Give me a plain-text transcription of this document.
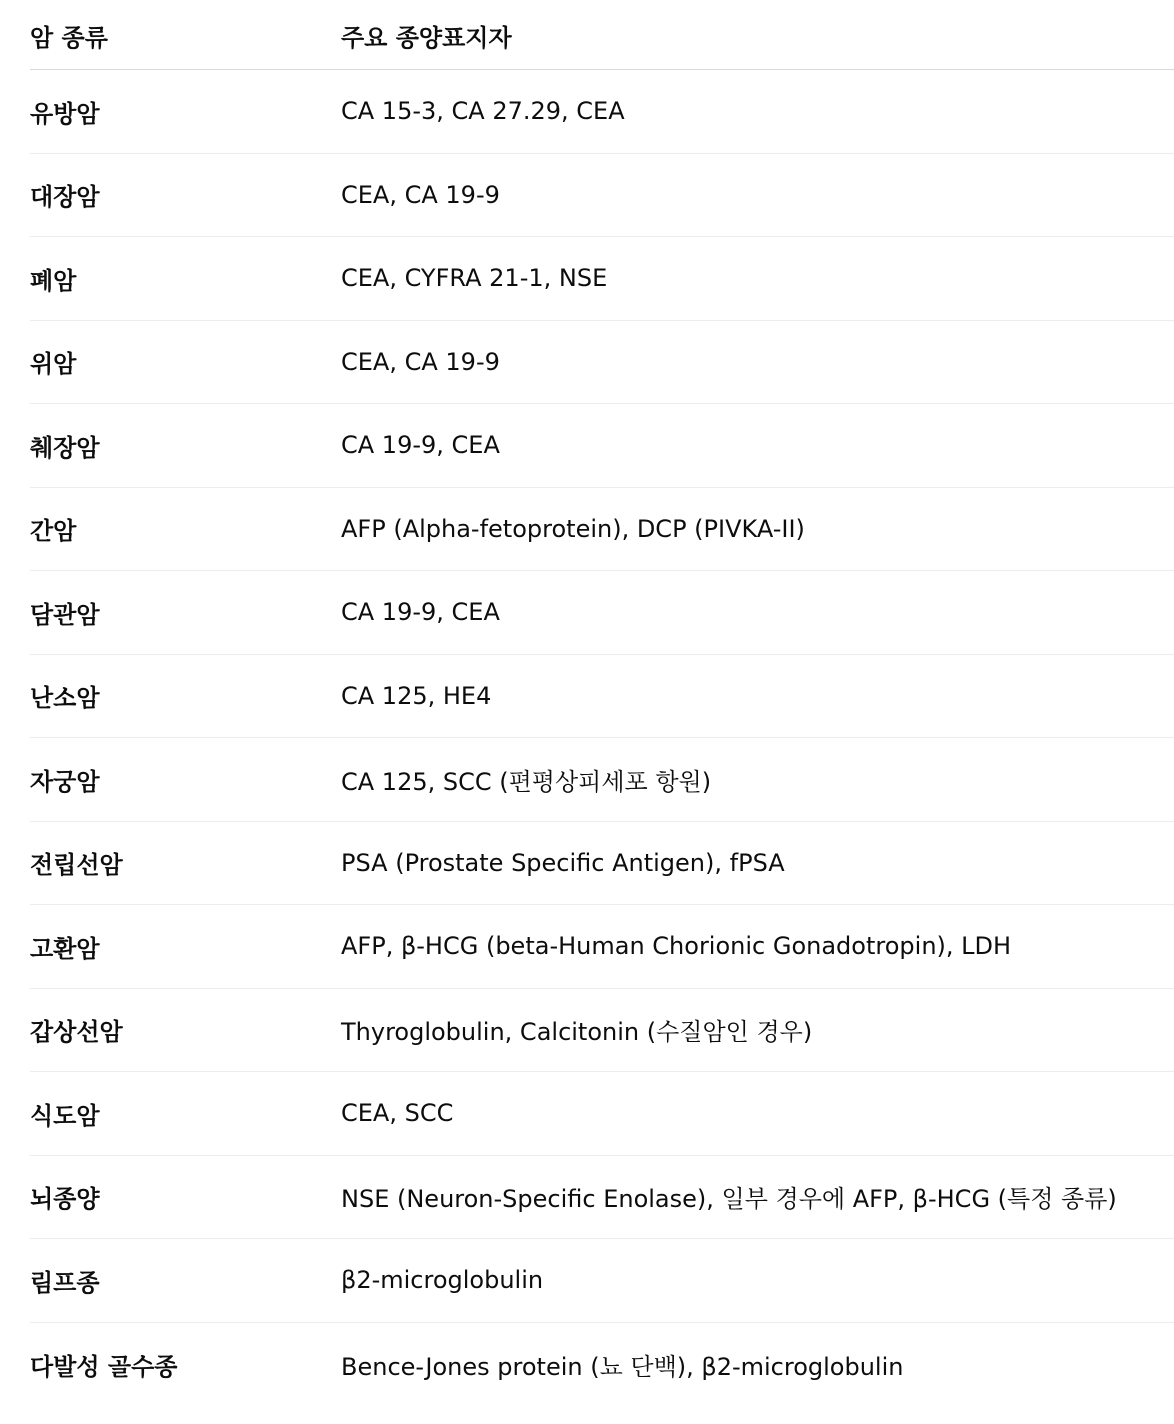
암 종류	주요 종양표지자
유방암	CA 15-3, CA 27.29, CEA
대장암	CEA, CA 19-9
폐암	CEA, CYFRA 21-1, NSE
위암	CEA, CA 19-9
췌장암	CA 19-9, CEA
간암	AFP (Alpha-fetoprotein), DCP (PIVKA-II)
담관암	CA 19-9, CEA
난소암	CA 125, HE4
자궁암	CA 125, SCC (편평상피세포 항원)
전립선암	PSA (Prostate Specific Antigen), fPSA
고환암	AFP, β-HCG (beta-Human Chorionic Gonadotropin), LDH
갑상선암	Thyroglobulin, Calcitonin (수질암인 경우)
식도암	CEA, SCC
뇌종양	NSE (Neuron-Specific Enolase), 일부 경우에 AFP, β-HCG (특정 종류)
림프종	β2-microglobulin
다발성 골수종	Bence-Jones protein (뇨 단백), β2-microglobulin
